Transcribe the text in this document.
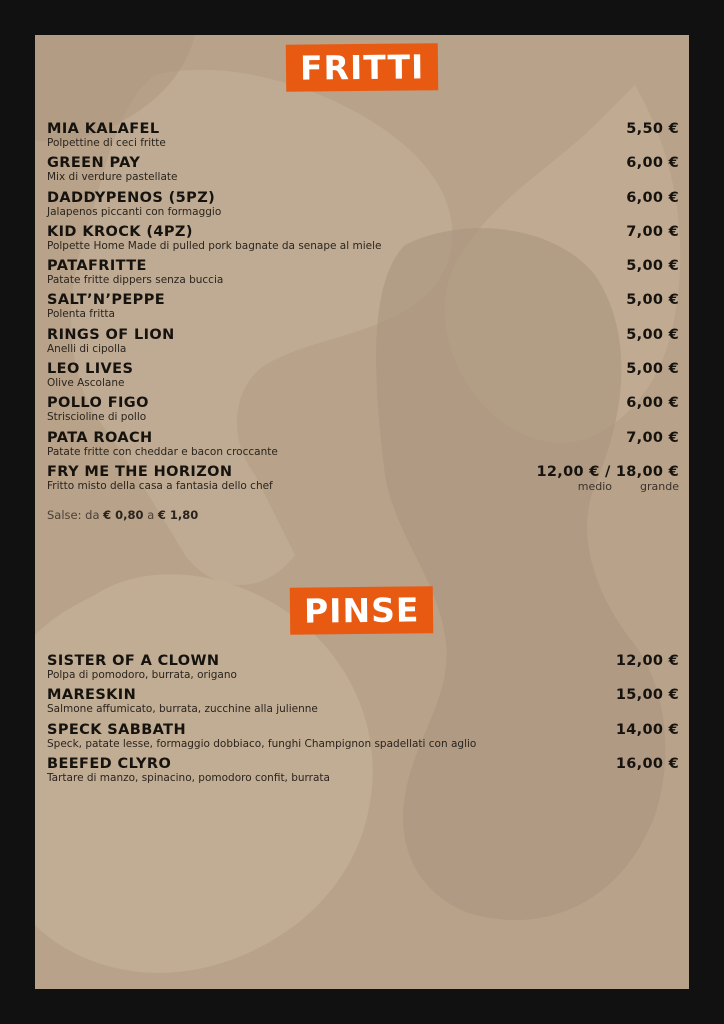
FRITTI
MIA KALAFEL
Polpettine di ceci fritte
5,50 €
GREEN PAY
Mix di verdure pastellate
6,00 €
DADDYPENOS (5PZ)
Jalapenos piccanti con formaggio
6,00 €
KID KROCK (4PZ)
Polpette Home Made di pulled pork bagnate da senape al miele
7,00 €
PATAFRITTE
Patate fritte dippers senza buccia
5,00 €
SALT’N’PEPPE
Polenta fritta
5,00 €
RINGS OF LION
Anelli di cipolla
5,00 €
LEO LIVES
Olive Ascolane
5,00 €
POLLO FIGO
Striscioline di pollo
6,00 €
PATA ROACH
Patate fritte con cheddar e bacon croccante
7,00 €
FRY ME THE HORIZON
Fritto misto della casa a fantasia dello chef
12,00 € / 18,00 €
medio	grande
Salse: da € 0,80 a € 1,80
PINSE
SISTER OF A CLOWN
Polpa di pomodoro, burrata, origano
12,00 €
MARESKIN
Salmone affumicato, burrata, zucchine alla julienne
15,00 €
SPECK SABBATH
Speck, patate lesse, formaggio dobbiaco, funghi Champignon spadellati con aglio
14,00 €
BEEFED CLYRO
Tartare di manzo, spinacino, pomodoro confit, burrata
16,00 €
